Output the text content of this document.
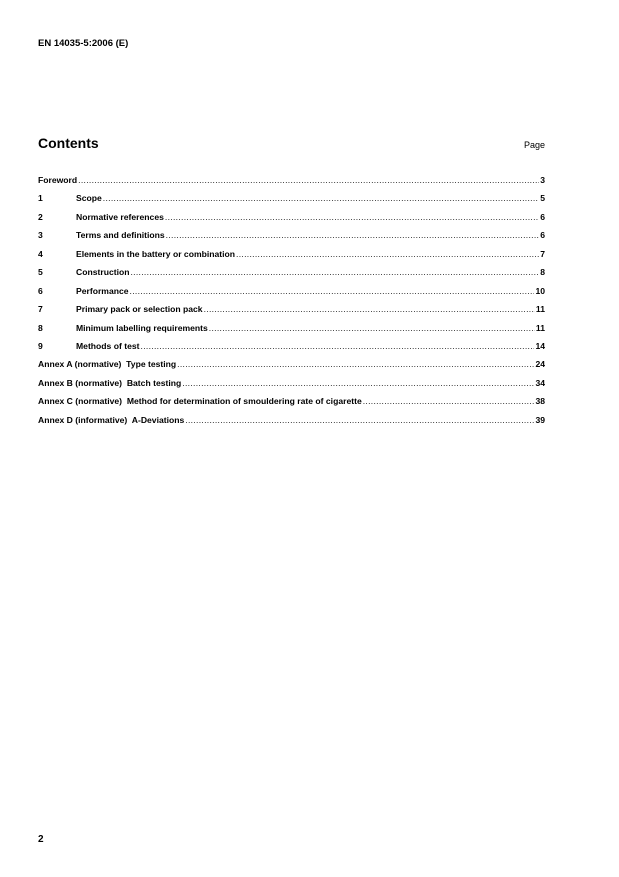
EN 14035-5:2006 (E)
Contents	Page
Foreword .....	3
1	Scope .....	5
2	Normative references .....	6
3	Terms and definitions .....	6
4	Elements in the battery or combination .....	7
5	Construction .....	8
6	Performance .....	10
7	Primary pack or selection pack .....	11
8	Minimum labelling requirements .....	11
9	Methods of test .....	14
Annex A (normative)  Type testing .....	24
Annex B (normative)  Batch testing .....	34
Annex C (normative)  Method for determination of smouldering rate of cigarette .....	38
Annex D (informative)  A-Deviations .....	39
2
